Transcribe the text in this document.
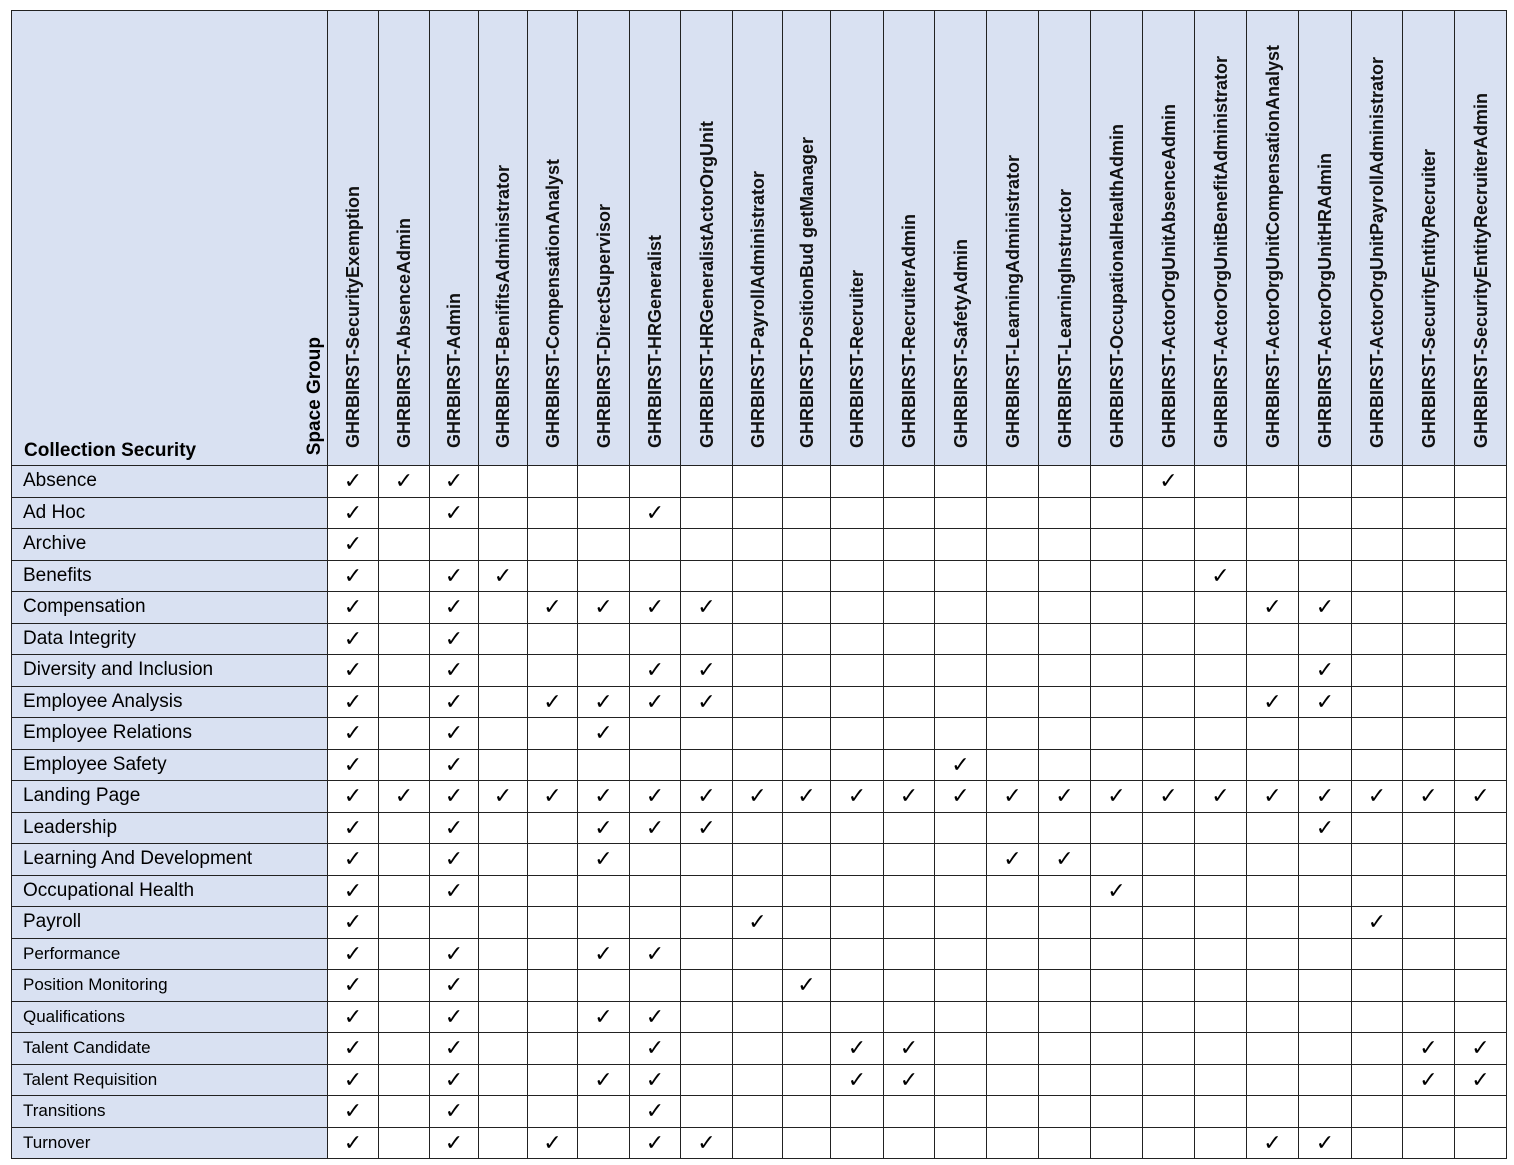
Collection Security Space Group	GHRBIRST-SecurityExemption	GHRBIRST-AbsenceAdmin	GHRBIRST-Admin	GHRBIRST-BenifitsAdministrator	GHRBIRST-CompensationAnalyst	GHRBIRST-DirectSupervisor	GHRBIRST-HRGeneralist	GHRBIRST-HRGeneralistActorOrgUnit	GHRBIRST-PayrollAdministrator	GHRBIRST-PositionBud getManager	GHRBIRST-Recruiter	GHRBIRST-RecruiterAdmin	GHRBIRST-SafetyAdmin	GHRBIRST-LearningAdministrator	GHRBIRST-LearningInstructor	GHRBIRST-OccupationalHealthAdmin	GHRBIRST-ActorOrgUnitAbsenceAdmin	GHRBIRST-ActorOrgUnitBenefitAdministrator	GHRBIRST-ActorOrgUnitCompensationAnalyst	GHRBIRST-ActorOrgUnitHRAdmin	GHRBIRST-ActorOrgUnitPayrollAdministrator	GHRBIRST-SecurityEntityRecruiter	GHRBIRST-SecurityEntityRecruiterAdmin
Absence	✓	✓	✓														✓						
Ad Hoc	✓		✓				✓																
Archive	✓																						
Benefits	✓		✓	✓														✓					
Compensation	✓		✓		✓	✓	✓	✓											✓	✓			
Data Integrity	✓		✓																				
Diversity and Inclusion	✓		✓				✓	✓												✓			
Employee Analysis	✓		✓		✓	✓	✓	✓											✓	✓			
Employee Relations	✓		✓			✓																	
Employee Safety	✓		✓										✓										
Landing Page	✓	✓	✓	✓	✓	✓	✓	✓	✓	✓	✓	✓	✓	✓	✓	✓	✓	✓	✓	✓	✓	✓	✓
Leadership	✓		✓			✓	✓	✓												✓			
Learning And Development	✓		✓			✓								✓	✓								
Occupational Health	✓		✓													✓							
Payroll	✓								✓												✓		
Performance	✓		✓			✓	✓																
Position Monitoring	✓		✓							✓													
Qualifications	✓		✓			✓	✓																
Talent Candidate	✓		✓				✓				✓	✓										✓	✓
Talent Requisition	✓		✓			✓	✓				✓	✓										✓	✓
Transitions	✓		✓				✓																
Turnover	✓		✓		✓		✓	✓											✓	✓			
